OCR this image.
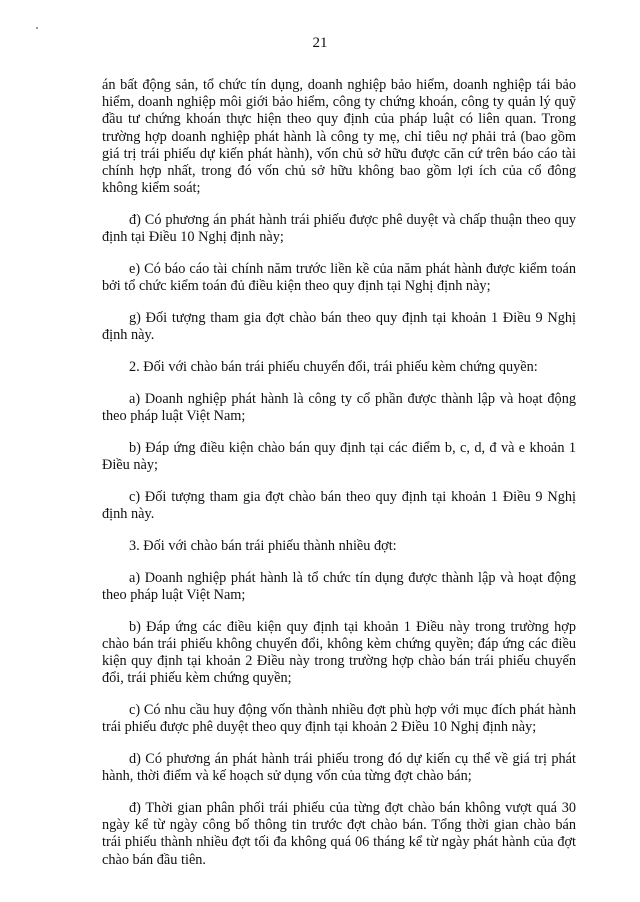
21

án bất động sản, tổ chức tín dụng, doanh nghiệp bảo hiểm, doanh nghiệp tái bảo hiểm, doanh nghiệp môi giới bảo hiểm, công ty chứng khoán, công ty quản lý quỹ đầu tư chứng khoán thực hiện theo quy định của pháp luật có liên quan. Trong trường hợp doanh nghiệp phát hành là công ty mẹ, chỉ tiêu nợ phải trả (bao gồm giá trị trái phiếu dự kiến phát hành), vốn chủ sở hữu được căn cứ trên báo cáo tài chính hợp nhất, trong đó vốn chủ sở hữu không bao gồm lợi ích của cổ đông không kiểm soát;

đ) Có phương án phát hành trái phiếu được phê duyệt và chấp thuận theo quy định tại Điều 10 Nghị định này;

e) Có báo cáo tài chính năm trước liền kề của năm phát hành được kiểm toán bởi tổ chức kiểm toán đủ điều kiện theo quy định tại Nghị định này;

g) Đối tượng tham gia đợt chào bán theo quy định tại khoản 1 Điều 9 Nghị định này.

2. Đối với chào bán trái phiếu chuyển đổi, trái phiếu kèm chứng quyền:

a) Doanh nghiệp phát hành là công ty cổ phần được thành lập và hoạt động theo pháp luật Việt Nam;

b) Đáp ứng điều kiện chào bán quy định tại các điểm b, c, d, đ và e khoản 1 Điều này;

c) Đối tượng tham gia đợt chào bán theo quy định tại khoản 1 Điều 9 Nghị định này.

3. Đối với chào bán trái phiếu thành nhiều đợt:

a) Doanh nghiệp phát hành là tổ chức tín dụng được thành lập và hoạt động theo pháp luật Việt Nam;

b) Đáp ứng các điều kiện quy định tại khoản 1 Điều này trong trường hợp chào bán trái phiếu không chuyển đổi, không kèm chứng quyền; đáp ứng các điều kiện quy định tại khoản 2 Điều này trong trường hợp chào bán trái phiếu chuyển đổi, trái phiếu kèm chứng quyền;

c) Có nhu cầu huy động vốn thành nhiều đợt phù hợp với mục đích phát hành trái phiếu được phê duyệt theo quy định tại khoản 2 Điều 10 Nghị định này;

d) Có phương án phát hành trái phiếu trong đó dự kiến cụ thể về giá trị phát hành, thời điểm và kế hoạch sử dụng vốn của từng đợt chào bán;

đ) Thời gian phân phối trái phiếu của từng đợt chào bán không vượt quá 30 ngày kể từ ngày công bố thông tin trước đợt chào bán. Tổng thời gian chào bán trái phiếu thành nhiều đợt tối đa không quá 06 tháng kể từ ngày phát hành của đợt chào bán đầu tiên.
